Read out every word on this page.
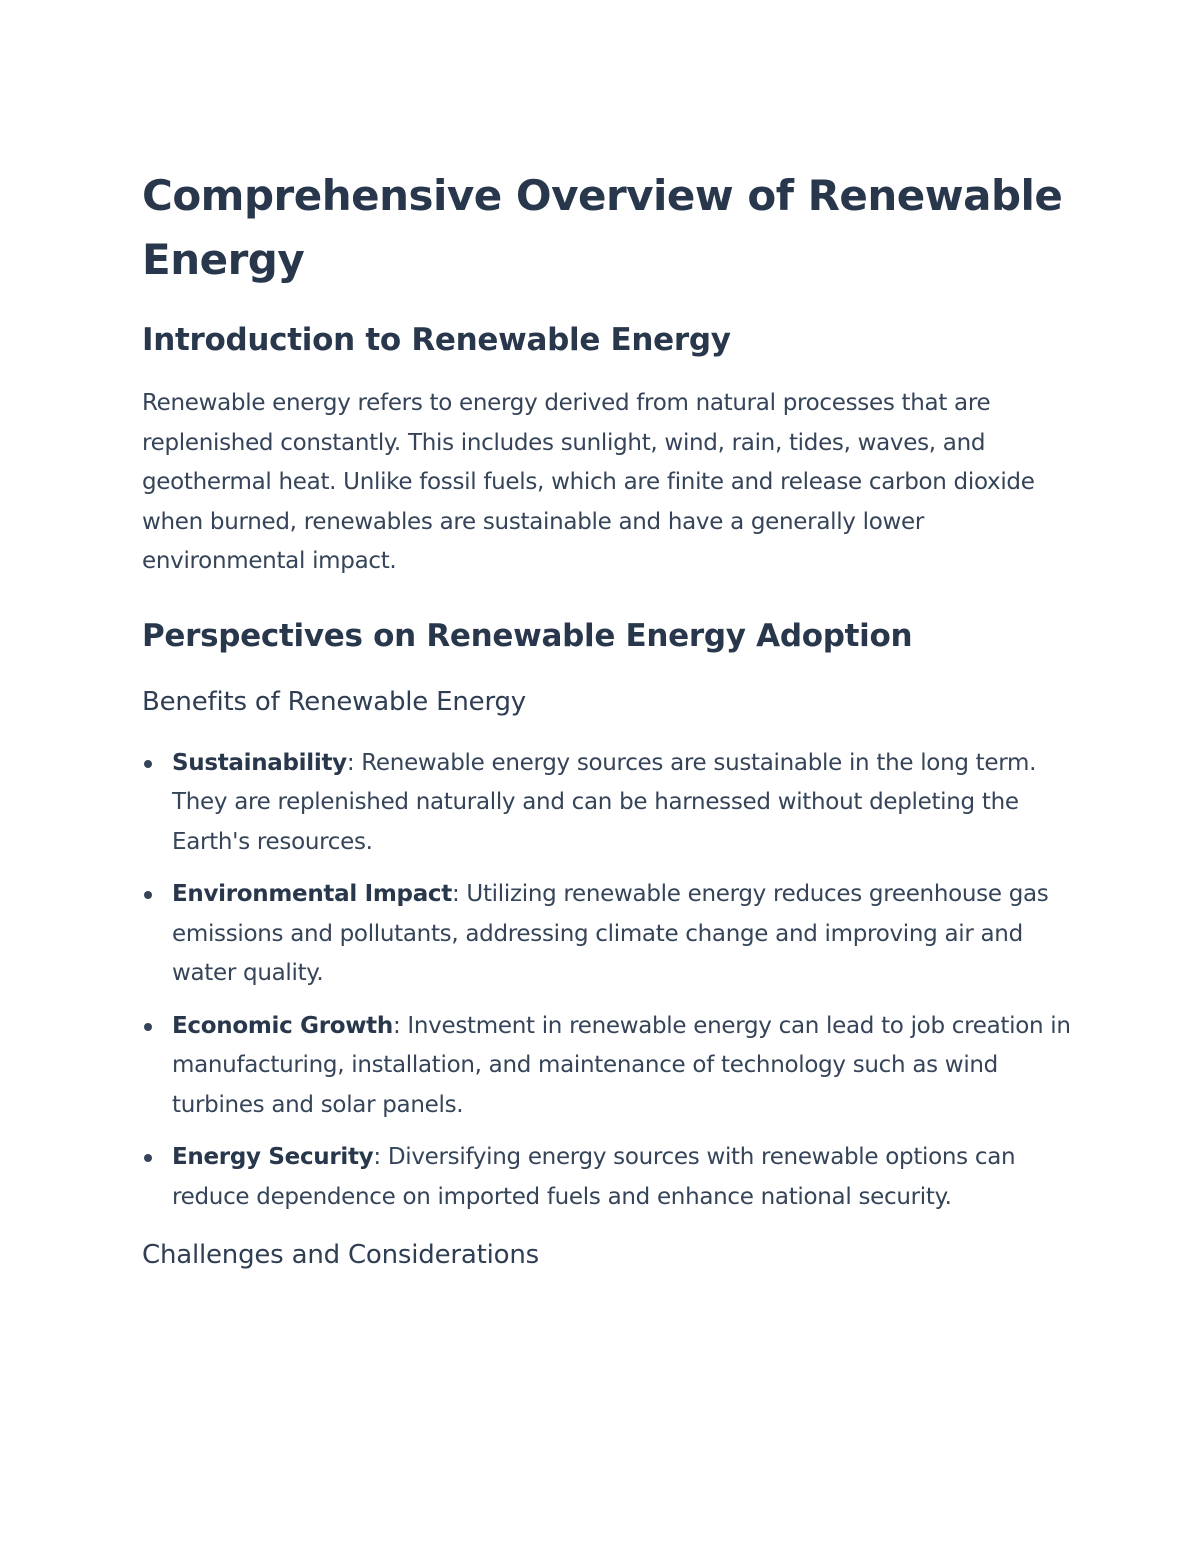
Comprehensive Overview of Renewable Energy
Introduction to Renewable Energy

Renewable energy refers to energy derived from natural processes that are replenished constantly. This includes sunlight, wind, rain, tides, waves, and geothermal heat. Unlike fossil fuels, which are finite and release carbon dioxide when burned, renewables are sustainable and have a generally lower environmental impact.

Perspectives on Renewable Energy Adoption
Benefits of Renewable Energy
Sustainability: Renewable energy sources are sustainable in the long term. They are replenished naturally and can be harnessed without depleting the Earth's resources.
Environmental Impact: Utilizing renewable energy reduces greenhouse gas emissions and pollutants, addressing climate change and improving air and water quality.
Economic Growth: Investment in renewable energy can lead to job creation in manufacturing, installation, and maintenance of technology such as wind turbines and solar panels.
Energy Security: Diversifying energy sources with renewable options can reduce dependence on imported fuels and enhance national security.
Challenges and Considerations
